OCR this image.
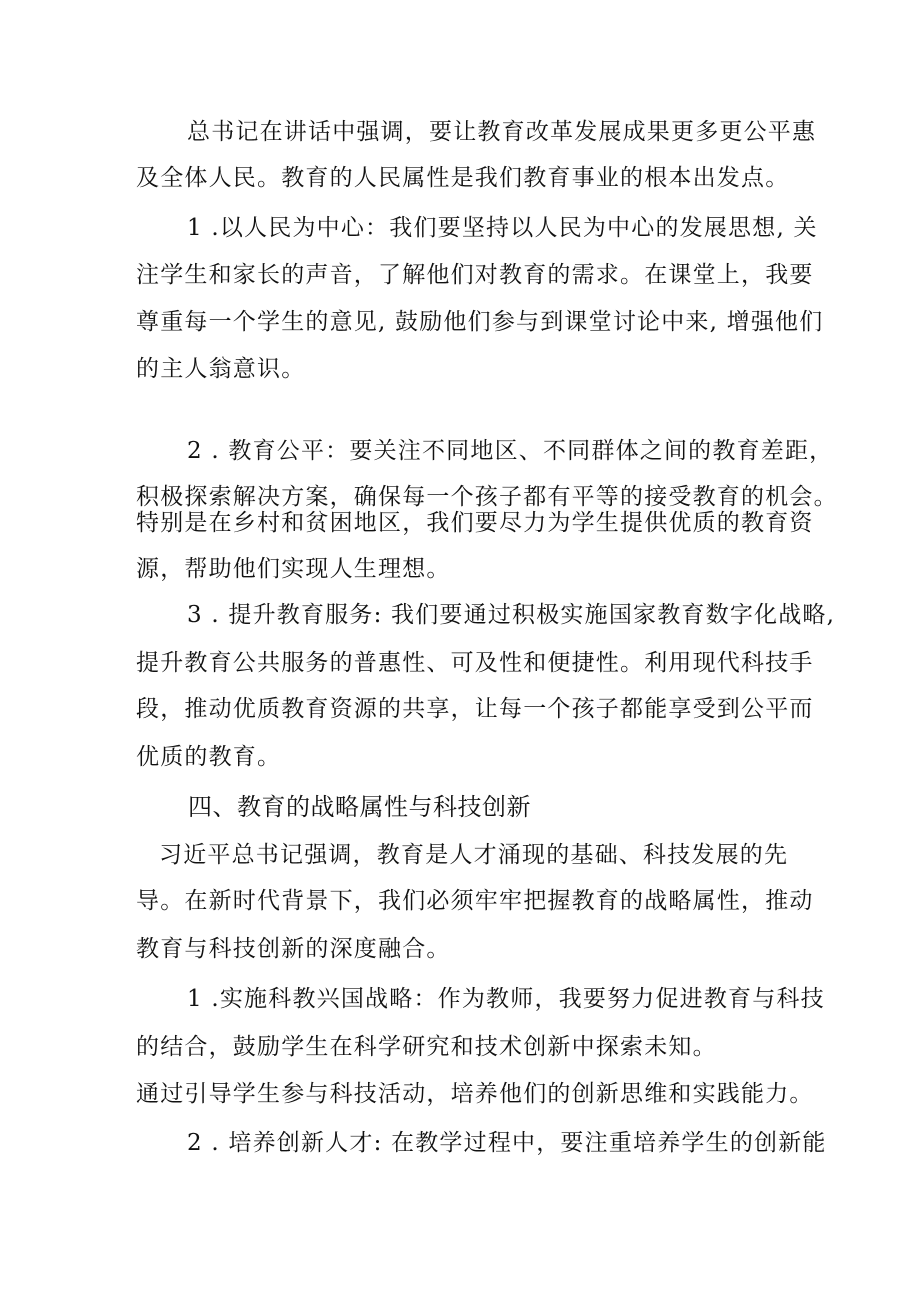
总书记在讲话中强调，要让教育改革发展成果更多更公平惠
及全体人民。教育的人民属性是我们教育事业的根本出发点。
1 .以人民为中心：我们要坚持以人民为中心的发展思想, 关
注学生和家长的声音，了解他们对教育的需求。在课堂上，我要
尊重每一个学生的意见, 鼓励他们参与到课堂讨论中来, 增强他们
的主人翁意识。
2 . 教育公平：要关注不同地区、不同群体之间的教育差距，
积极探索解决方案，确保每一个孩子都有平等的接受教育的机会。
特别是在乡村和贫困地区，我们要尽力为学生提供优质的教育资
源，帮助他们实现人生理想。
3 . 提升教育服务: 我们要通过积极实施国家教育数字化战略,
提升教育公共服务的普惠性、可及性和便捷性。利用现代科技手
段，推动优质教育资源的共享，让每一个孩子都能享受到公平而
优质的教育。
四、教育的战略属性与科技创新
习近平总书记强调，教育是人才涌现的基础、科技发展的先
导。在新时代背景下，我们必须牢牢把握教育的战略属性，推动
教育与科技创新的深度融合。
1 .实施科教兴国战略：作为教师，我要努力促进教育与科技
的结合，鼓励学生在科学研究和技术创新中探索未知。
通过引导学生参与科技活动，培养他们的创新思维和实践能力。
2 . 培养创新人才: 在教学过程中，要注重培养学生的创新能
